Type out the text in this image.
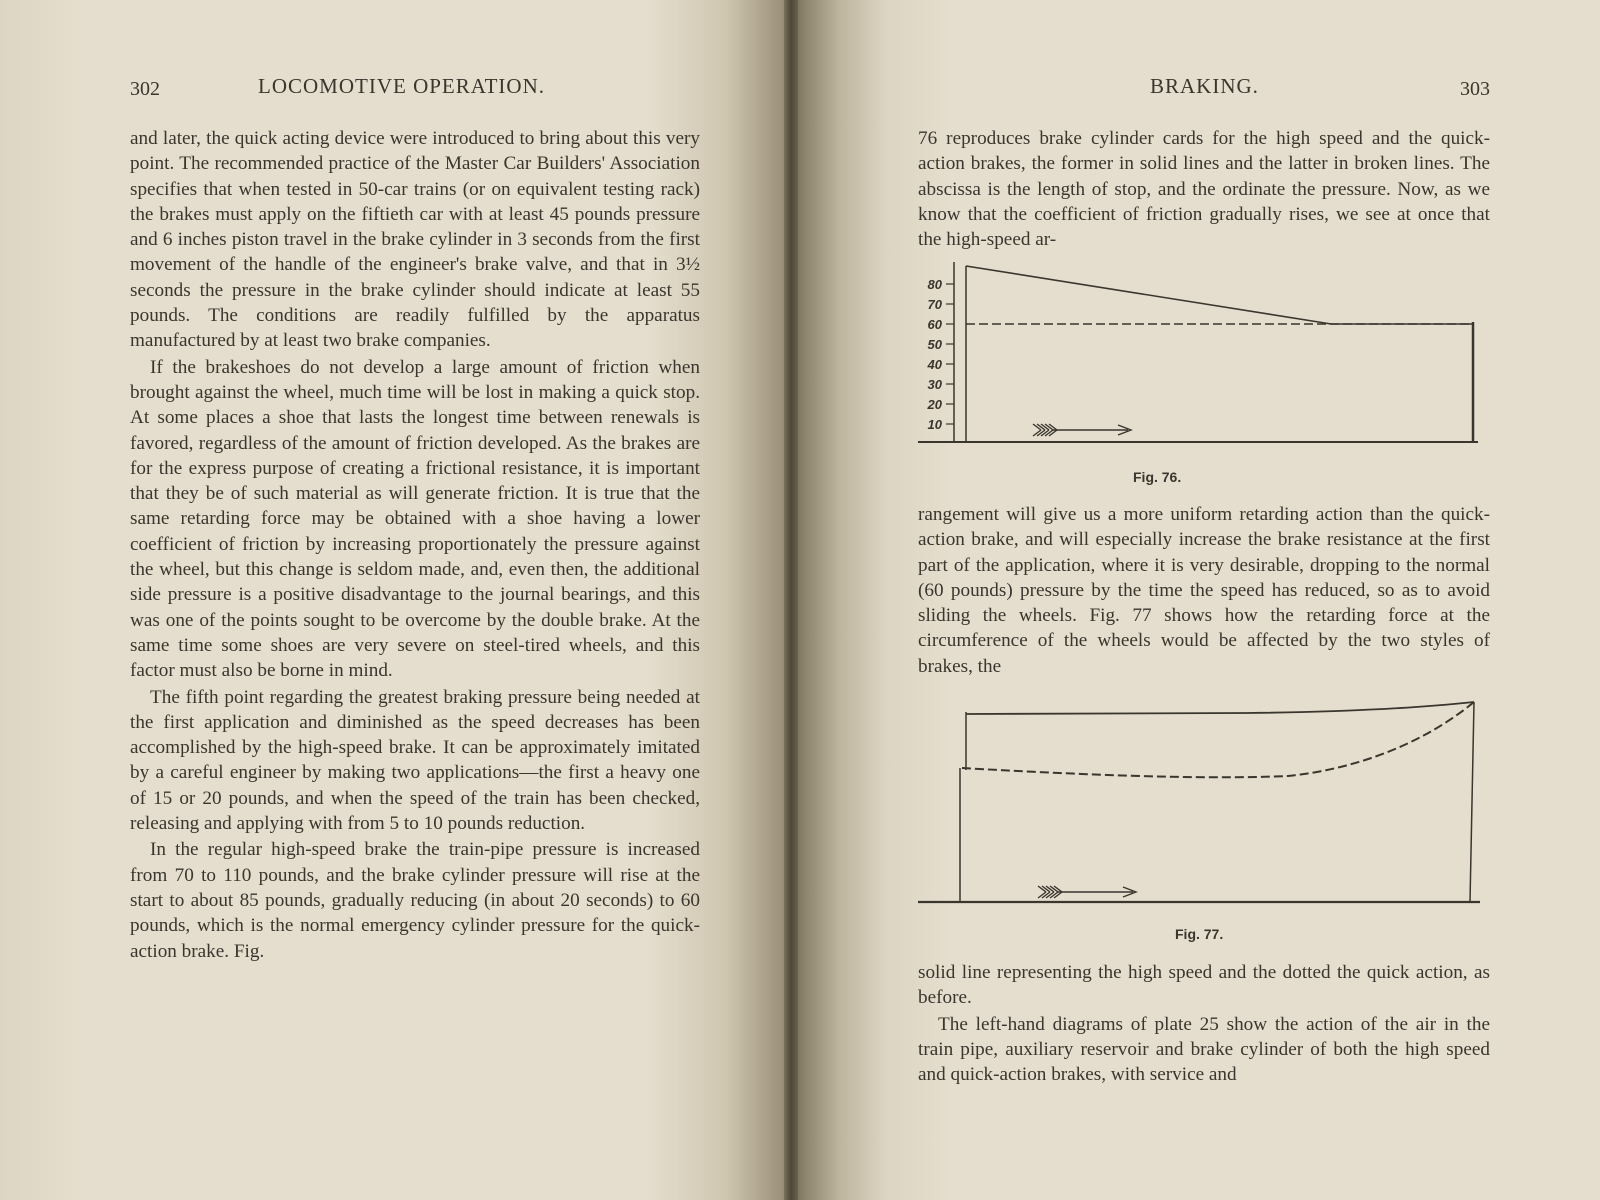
302	LOCOMOTIVE OPERATION.

and later, the quick acting device were introduced to bring about this very point. The recommended practice of the Master Car Builders' Association specifies that when tested in 50-car trains (or on equivalent testing rack) the brakes must apply on the fiftieth car with at least 45 pounds pressure and 6 inches piston travel in the brake cylinder in 3 seconds from the first movement of the handle of the engineer's brake valve, and that in 3½ seconds the pressure in the brake cylinder should indicate at least 55 pounds. The conditions are readily fulfilled by the apparatus manufactured by at least two brake companies.

If the brakeshoes do not develop a large amount of friction when brought against the wheel, much time will be lost in making a quick stop. At some places a shoe that lasts the longest time between renewals is favored, regardless of the amount of friction developed. As the brakes are for the express purpose of creating a frictional resistance, it is important that they be of such material as will generate friction. It is true that the same retarding force may be obtained with a shoe having a lower coefficient of friction by increasing proportionately the pressure against the wheel, but this change is seldom made, and, even then, the additional side pressure is a positive disadvantage to the journal bearings, and this was one of the points sought to be overcome by the double brake. At the same time some shoes are very severe on steel-tired wheels, and this factor must also be borne in mind.

The fifth point regarding the greatest braking pressure being needed at the first application and diminished as the speed decreases has been accomplished by the high-speed brake. It can be approximately imitated by a careful engineer by making two applications—the first a heavy one of 15 or 20 pounds, and when the speed of the train has been checked, releasing and applying with from 5 to 10 pounds reduction.

In the regular high-speed brake the train-pipe pressure is increased from 70 to 110 pounds, and the brake cylinder pressure will rise at the start to about 85 pounds, gradually reducing (in about 20 seconds) to 60 pounds, which is the normal emergency cylinder pressure for the quick-action brake. Fig.

BRAKING.	303

76 reproduces brake cylinder cards for the high speed and the quick-action brakes, the former in solid lines and the latter in broken lines. The abscissa is the length of stop, and the ordinate the pressure. Now, as we know that the coefficient of friction gradually rises, we see at once that the high-speed ar-

80
70
60
50
40
30
20
10
Fig. 76.

rangement will give us a more uniform retarding action than the quick-action brake, and will especially increase the brake resistance at the first part of the application, where it is very desirable, dropping to the normal (60 pounds) pressure by the time the speed has reduced, so as to avoid sliding the wheels. Fig. 77 shows how the retarding force at the circumference of the wheels would be affected by the two styles of brakes, the

Fig. 77.

solid line representing the high speed and the dotted the quick action, as before.

The left-hand diagrams of plate 25 show the action of the air in the train pipe, auxiliary reservoir and brake cylinder of both the high speed and quick-action brakes, with service and
